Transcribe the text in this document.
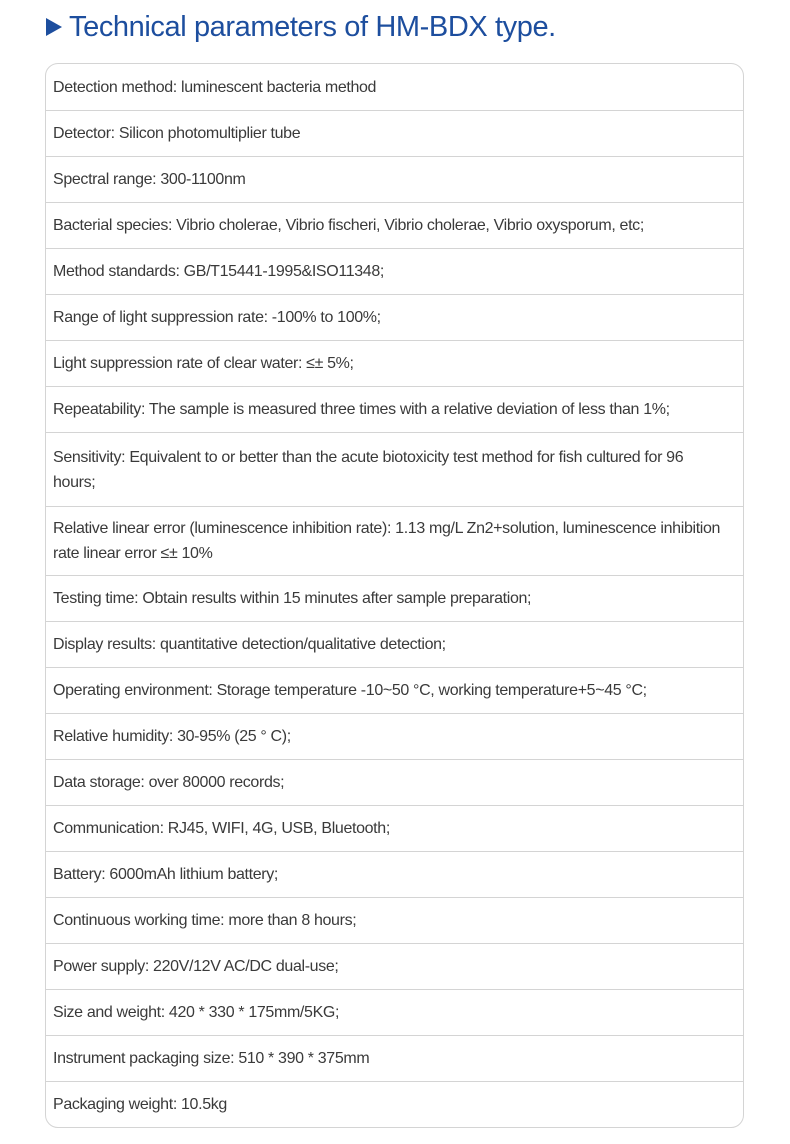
Technical parameters of HM-BDX type.
Detection method: luminescent bacteria method
Detector: Silicon photomultiplier tube
Spectral range: 300-1100nm
Bacterial species: Vibrio cholerae, Vibrio fischeri, Vibrio cholerae, Vibrio oxysporum, etc;
Method standards: GB/T15441-1995&ISO11348;
Range of light suppression rate: -100% to 100%;
Light suppression rate of clear water: ≤± 5%;
Repeatability: The sample is measured three times with a relative deviation of less than 1%;
Sensitivity: Equivalent to or better than the acute biotoxicity test method for fish cultured for 96 hours;
Relative linear error (luminescence inhibition rate): 1.13 mg/L Zn2+solution, luminescence inhibition rate linear error ≤± 10%
Testing time: Obtain results within 15 minutes after sample preparation;
Display results: quantitative detection/qualitative detection;
Operating environment: Storage temperature -10~50 °C, working temperature+5~45 °C;
Relative humidity: 30-95% (25 ° C);
Data storage: over 80000 records;
Communication: RJ45, WIFI, 4G, USB, Bluetooth;
Battery: 6000mAh lithium battery;
Continuous working time: more than 8 hours;
Power supply: 220V/12V AC/DC dual-use;
Size and weight: 420 * 330 * 175mm/5KG;
Instrument packaging size: 510 * 390 * 375mm
Packaging weight: 10.5kg
